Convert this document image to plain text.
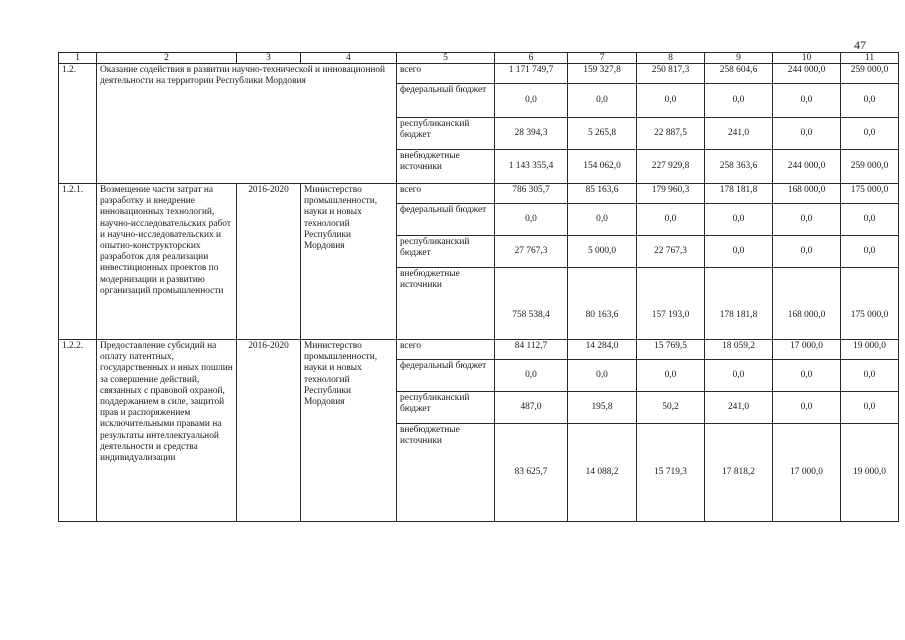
47
1	2	3	4	5	6	7	8	9	10	11
1.2.	Оказание содействия в развитии научно-технической и инновационной деятельности на территории Республики Мордовия			всего	1 171 749,7	159 327,8	250 817,3	258 604,6	244 000,0	259 000,0
				федеральный бюджет	0,0	0,0	0,0	0,0	0,0	0,0
				республиканский бюджет	28 394,3	5 265,8	22 887,5	241,0	0,0	0,0
				внебюджетные источники	1 143 355,4	154 062,0	227 929,8	258 363,6	244 000,0	259 000,0
1.2.1.	Возмещение части затрат на разработку и внедрение инновационных технологий, научно-исследовательских работ и научно-исследовательских и опытно-конструкторских разработок для реализации инвестиционных проектов по модернизации и развитию организаций промышленности	2016-2020	Министерство промышленности, науки и новых технологий Республики Мордовия	всего	786 305,7	85 163,6	179 960,3	178 181,8	168 000,0	175 000,0
				федеральный бюджет	0,0	0,0	0,0	0,0	0,0	0,0
				республиканский бюджет	27 767,3	5 000,0	22 767,3	0,0	0,0	0,0
				внебюджетные источники	758 538,4	80 163,6	157 193,0	178 181,8	168 000,0	175 000,0
1.2.2.	Предоставление субсидий на оплату патентных, государственных и иных пошлин за совершение действий, связанных с правовой охраной, поддержанием в силе, защитой прав и распоряжением исключительными правами на результаты интеллектуальной деятельности и средства индивидуализации	2016-2020	Министерство промышленности, науки и новых технологий Республики Мордовия	всего	84 112,7	14 284,0	15 769,5	18 059,2	17 000,0	19 000,0
				федеральный бюджет	0,0	0,0	0,0	0,0	0,0	0,0
				республиканский бюджет	487,0	195,8	50,2	241,0	0,0	0,0
				внебюджетные источники	83 625,7	14 088,2	15 719,3	17 818,2	17 000,0	19 000,0
